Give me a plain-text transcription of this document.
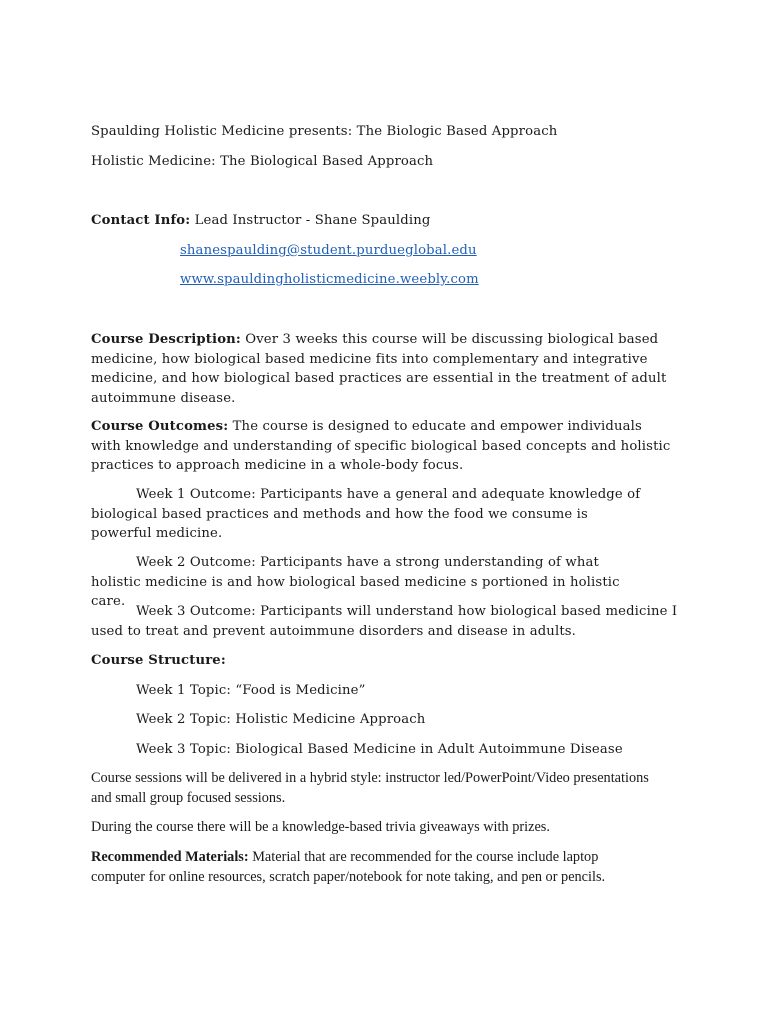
Spaulding Holistic Medicine presents: The Biologic Based Approach

Holistic Medicine: The Biological Based Approach

Contact Info: Lead Instructor - Shane Spaulding

shanespaulding@student.purdueglobal.edu

www.spauldingholisticmedicine.weebly.com

Course Description: Over 3 weeks this course will be discussing biological based medicine, how biological based medicine fits into complementary and integrative medicine, and how biological based practices are essential in the treatment of adult autoimmune disease.

Course Outcomes: The course is designed to educate and empower individuals with knowledge and understanding of specific biological based concepts and holistic practices to approach medicine in a whole-body focus.

Week 1 Outcome: Participants have a general and adequate knowledge of biological based practices and methods and how the food we consume is powerful medicine.

Week 2 Outcome: Participants have a strong understanding of what holistic medicine is and how biological based medicine s portioned in holistic care.

Week 3 Outcome: Participants will understand how biological based medicine I used to treat and prevent autoimmune disorders and disease in adults.

Course Structure:

Week 1 Topic: “Food is Medicine”

Week 2 Topic: Holistic Medicine Approach

Week 3 Topic: Biological Based Medicine in Adult Autoimmune Disease

Course sessions will be delivered in a hybrid style: instructor led/PowerPoint/Video presentations and small group focused sessions.

During the course there will be a knowledge-based trivia giveaways with prizes.

Recommended Materials: Material that are recommended for the course include laptop computer for online resources, scratch paper/notebook for note taking, and pen or pencils.
